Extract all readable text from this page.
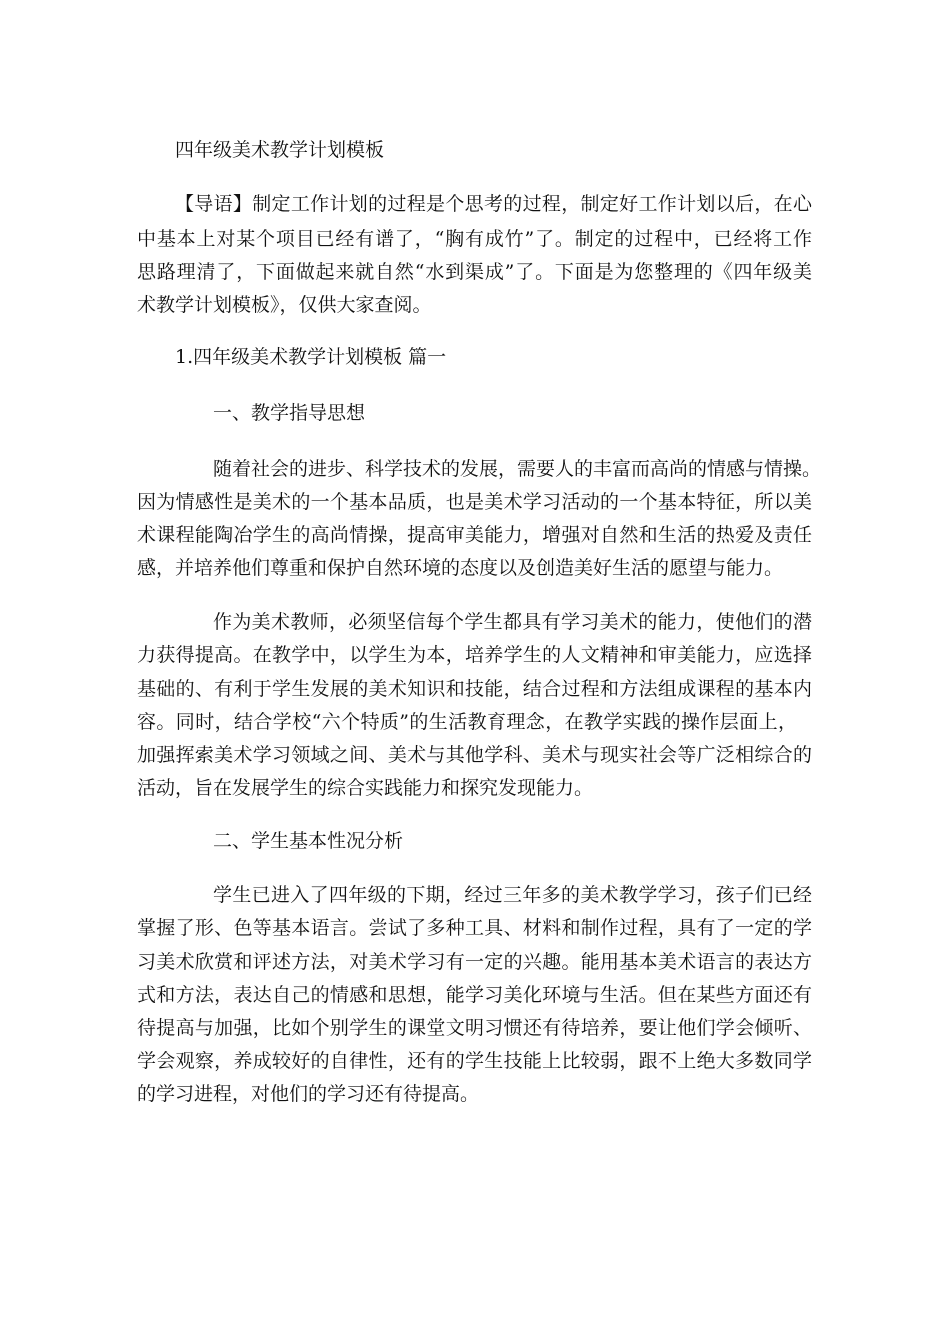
四年级美术教学计划模板
【导语】制定工作计划的过程是个思考的过程，制定好工作计划以后，在心
中基本上对某个项目已经有谱了，“胸有成竹”了。制定的过程中，已经将工作
思路理清了，下面做起来就自然“水到渠成”了。下面是为您整理的《四年级美
术教学计划模板》，仅供大家查阅。
1.四年级美术教学计划模板 篇一
一、教学指导思想
随着社会的进步、科学技术的发展，需要人的丰富而高尚的情感与情操。
因为情感性是美术的一个基本品质，也是美术学习活动的一个基本特征，所以美
术课程能陶冶学生的高尚情操，提高审美能力，增强对自然和生活的热爱及责任
感，并培养他们尊重和保护自然环境的态度以及创造美好生活的愿望与能力。
作为美术教师，必须坚信每个学生都具有学习美术的能力，使他们的潜
力获得提高。在教学中，以学生为本，培养学生的人文精神和审美能力，应选择
基础的、有利于学生发展的美术知识和技能，结合过程和方法组成课程的基本内
容。同时，结合学校“六个特质”的生活教育理念，在教学实践的操作层面上，
加强挥索美术学习领域之间、美术与其他学科、美术与现实社会等广泛相综合的
活动，旨在发展学生的综合实践能力和探究发现能力。
二、学生基本性况分析
学生已进入了四年级的下期，经过三年多的美术教学学习，孩子们已经
掌握了形、色等基本语言。尝试了多种工具、材料和制作过程，具有了一定的学
习美术欣赏和评述方法，对美术学习有一定的兴趣。能用基本美术语言的表达方
式和方法，表达自己的情感和思想，能学习美化环境与生活。但在某些方面还有
待提高与加强，比如个别学生的课堂文明习惯还有待培养，要让他们学会倾听、
学会观察，养成较好的自律性，还有的学生技能上比较弱，跟不上绝大多数同学
的学习进程，对他们的学习还有待提高。
